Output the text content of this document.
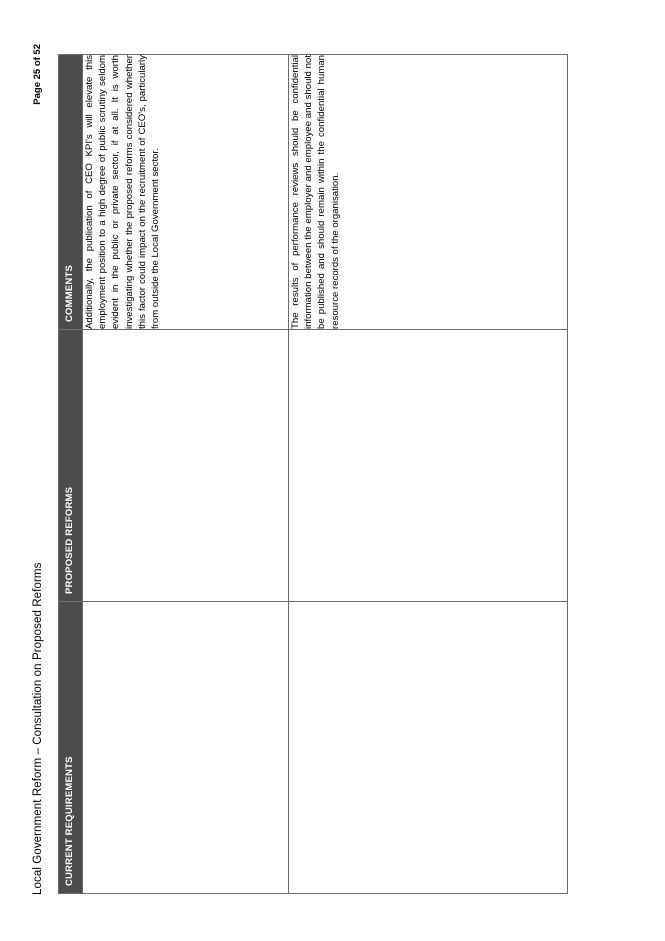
Local Government Reform – Consultation on Proposed Reforms
Page 25 of 52
CURRENT REQUIREMENTS	PROPOSED REFORMS	COMMENTS

		Additionally, the publication of CEO KPI's will elevate this employment position to a high degree of public scrutiny seldom evident in the public or private sector, if at all. It is worth investigating whether the proposed reforms considered whether this factor could impact on the recruitment of CEO's, particularly from outside the Local Government sector.

		The results of performance reviews should be confidential information between the employer and employee and should not be published and should remain within the confidential human resource records of the organisation.
